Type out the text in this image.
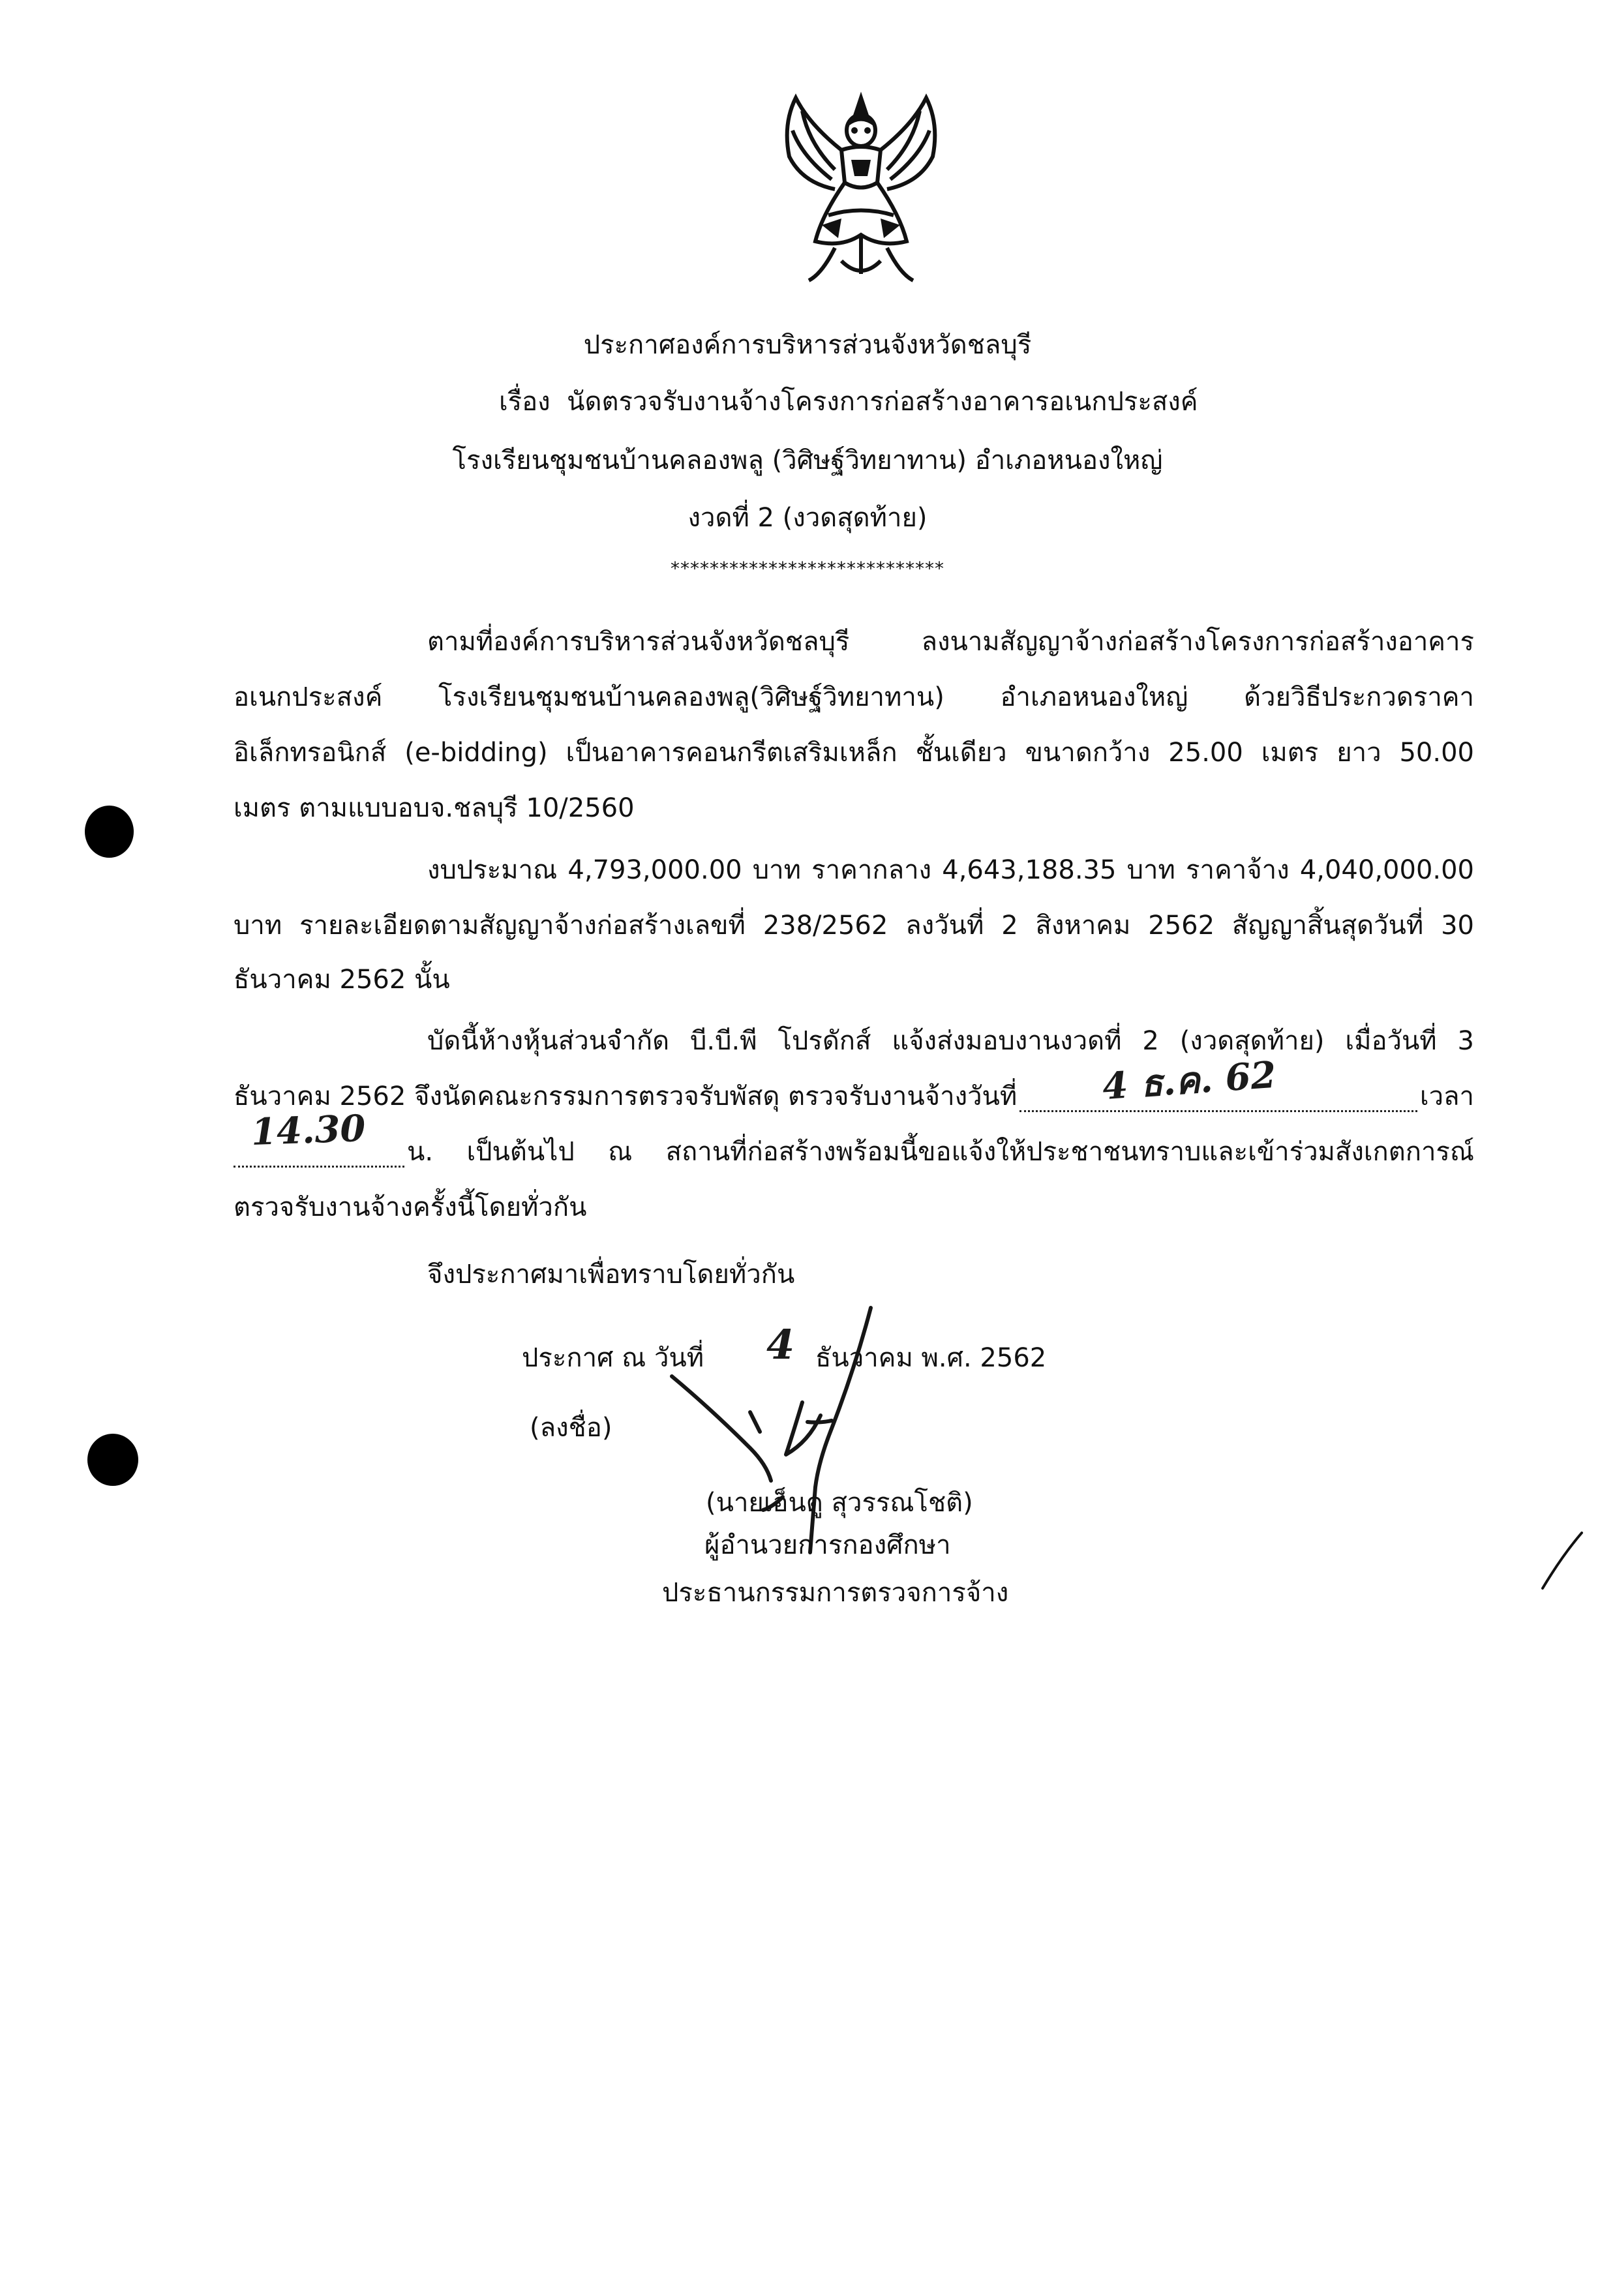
ประกาศองค์การบริหารส่วนจังหวัดชลบุรี
เรื่อง นัดตรวจรับงานจ้างโครงการก่อสร้างอาคารอเนกประสงค์
โรงเรียนชุมชนบ้านคลองพลู (วิศิษฐ์วิทยาทาน) อำเภอหนองใหญ่
งวดที่ 2 (งวดสุดท้าย)
****************************
ตามที่องค์การบริหารส่วนจังหวัดชลบุรี ลงนามสัญญาจ้างก่อสร้างโครงการก่อสร้างอาคาร
อเนกประสงค์ โรงเรียนชุมชนบ้านคลองพลู(วิศิษฐ์วิทยาทาน) อำเภอหนองใหญ่ ด้วยวิธีประกวดราคา
อิเล็กทรอนิกส์ (e-bidding) เป็นอาคารคอนกรีตเสริมเหล็ก ชั้นเดียว ขนาดกว้าง 25.00 เมตร ยาว 50.00
เมตร ตามแบบอบจ.ชลบุรี 10/2560
งบประมาณ 4,793,000.00 บาท ราคากลาง 4,643,188.35 บาท ราคาจ้าง 4,040,000.00
บาท รายละเอียดตามสัญญาจ้างก่อสร้างเลขที่ 238/2562 ลงวันที่ 2 สิงหาคม 2562 สัญญาสิ้นสุดวันที่ 30
ธันวาคม 2562 นั้น
บัดนี้ห้างหุ้นส่วนจำกัด บี.บี.พี โปรดักส์ แจ้งส่งมอบงานงวดที่ 2 (งวดสุดท้าย) เมื่อวันที่ 3
ธันวาคม 2562 จึงนัดคณะกรรมการตรวจรับพัสดุ ตรวจรับงานจ้างวันที่	เวลา
4 ธ.ค. 62
น. เป็นต้นไป ณ สถานที่ก่อสร้างพร้อมนี้ขอแจ้งให้ประชาชนทราบและเข้าร่วมสังเกตการณ์
14.30
ตรวจรับงานจ้างครั้งนี้โดยทั่วกัน
จึงประกาศมาเพื่อทราบโดยทั่วกัน
ประกาศ ณ วันที่ 4 ธันวาคม พ.ศ. 2562
(ลงชื่อ)
(นายเอ็นดู สุวรรณโชติ)
ผู้อำนวยการกองศึกษา
ประธานกรรมการตรวจการจ้าง
